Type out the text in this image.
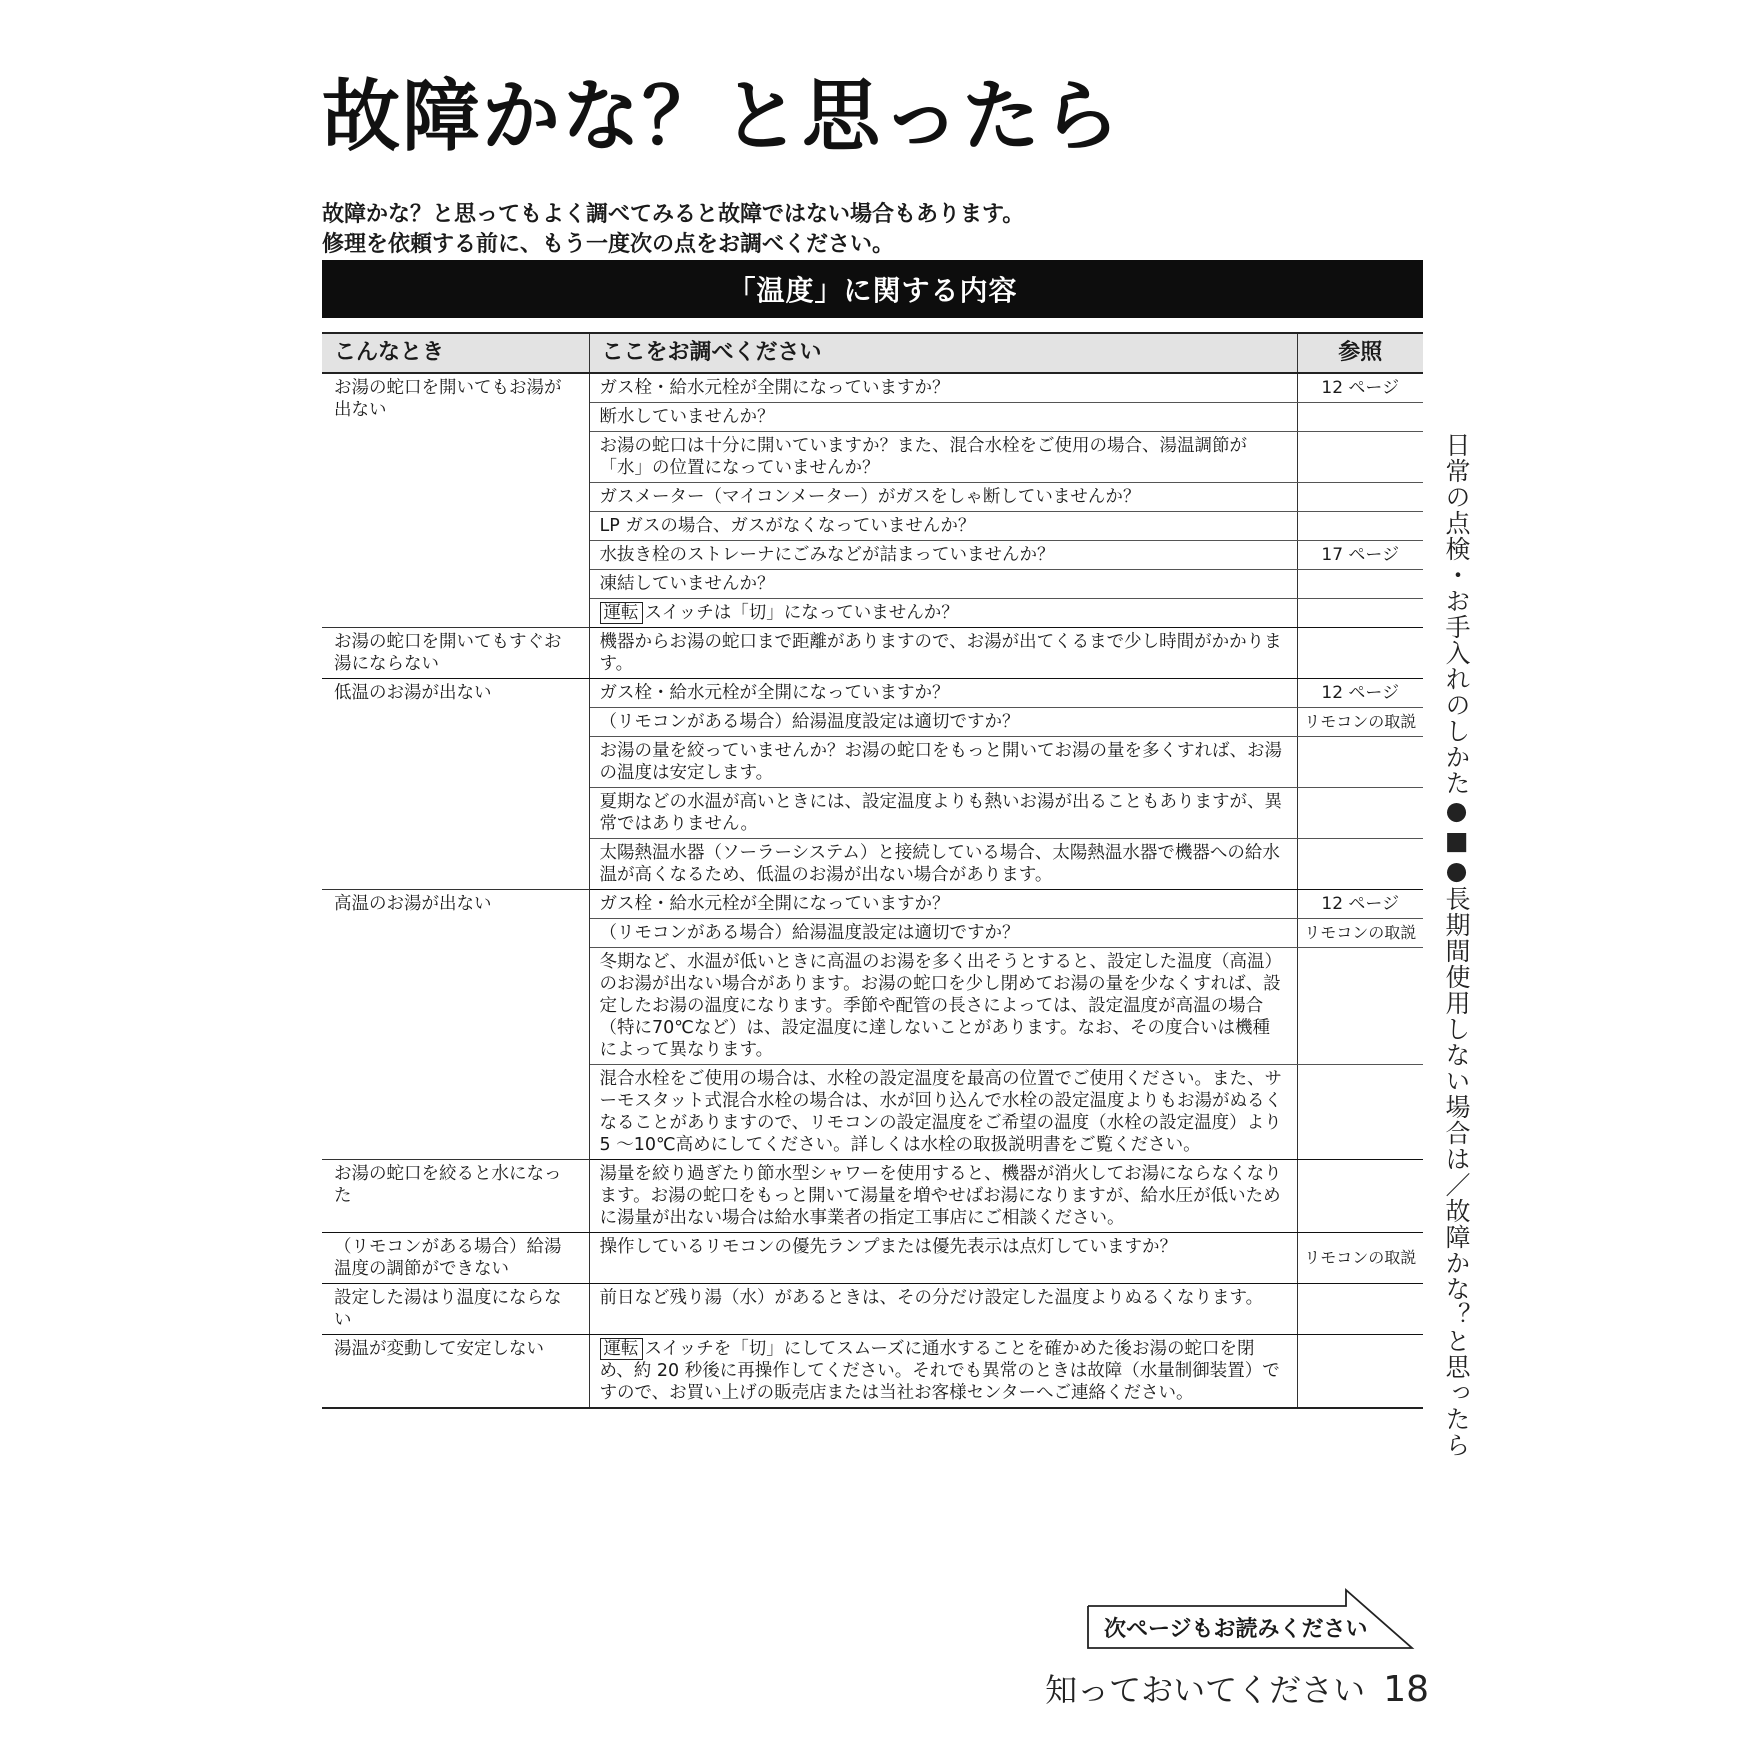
故障かな？と思ったら
故障かな？と思ってもよく調べてみると故障ではない場合もあります。
修理を依頼する前に、もう一度次の点をお調べください。
「温度」に関する内容
こんなとき	ここをお調べください	参照
お湯の蛇口を開いてもお湯が出ない	ガス栓・給水元栓が全開になっていますか？	12 ページ
	断水していませんか？	
	お湯の蛇口は十分に開いていますか？また、混合水栓をご使用の場合、湯温調節が「水」の位置になっていませんか？	
	ガスメーター（マイコンメーター）がガスをしゃ断していませんか？	
	LP ガスの場合、ガスがなくなっていませんか？	
	水抜き栓のストレーナにごみなどが詰まっていませんか？	17 ページ
	凍結していませんか？	
	運転 スイッチは「切」になっていませんか？	
お湯の蛇口を開いてもすぐお湯にならない	機器からお湯の蛇口まで距離がありますので、お湯が出てくるまで少し時間がかかります。	
低温のお湯が出ない	ガス栓・給水元栓が全開になっていますか？	12 ページ
	（リモコンがある場合）給湯温度設定は適切ですか？	リモコンの取説
	お湯の量を絞っていませんか？お湯の蛇口をもっと開いてお湯の量を多くすれば、お湯の温度は安定します。	
	夏期などの水温が高いときには、設定温度よりも熱いお湯が出ることもありますが、異常ではありません。	
	太陽熱温水器（ソーラーシステム）と接続している場合、太陽熱温水器で機器への給水温が高くなるため、低温のお湯が出ない場合があります。	
高温のお湯が出ない	ガス栓・給水元栓が全開になっていますか？	12 ページ
	（リモコンがある場合）給湯温度設定は適切ですか？	リモコンの取説
	冬期など、水温が低いときに高温のお湯を多く出そうとすると、設定した温度（高温）のお湯が出ない場合があります。お湯の蛇口を少し閉めてお湯の量を少なくすれば、設定したお湯の温度になります。季節や配管の長さによっては、設定温度が高温の場合（特に70℃など）は、設定温度に達しないことがあります。なお、その度合いは機種によって異なります。	
	混合水栓をご使用の場合は、水栓の設定温度を最高の位置でご使用ください。また、サーモスタット式混合水栓の場合は、水が回り込んで水栓の設定温度よりもお湯がぬるくなることがありますので、リモコンの設定温度をご希望の温度（水栓の設定温度）より5 ～10℃高めにしてください。詳しくは水栓の取扱説明書をご覧ください。	
お湯の蛇口を絞ると水になった	湯量を絞り過ぎたり節水型シャワーを使用すると、機器が消火してお湯にならなくなります。お湯の蛇口をもっと開いて湯量を増やせばお湯になりますが、給水圧が低いために湯量が出ない場合は給水事業者の指定工事店にご相談ください。	
（リモコンがある場合）給湯温度の調節ができない	操作しているリモコンの優先ランプまたは優先表示は点灯していますか？	リモコンの取説
設定した湯はり温度にならない	前日など残り湯（水）があるときは、その分だけ設定した温度よりぬるくなります。	
湯温が変動して安定しない	運転 スイッチを「切」にしてスムーズに通水することを確かめた後お湯の蛇口を閉め、約 20 秒後に再操作してください。それでも異常のときは故障（水量制御装置）ですので、お買い上げの販売店または当社お客様センターへご連絡ください。		日常の点検・お手入れのしかた●■●長期間使用しない場合は／故障かな？と思ったら
次ページもお読みください
知っておいてください 18
